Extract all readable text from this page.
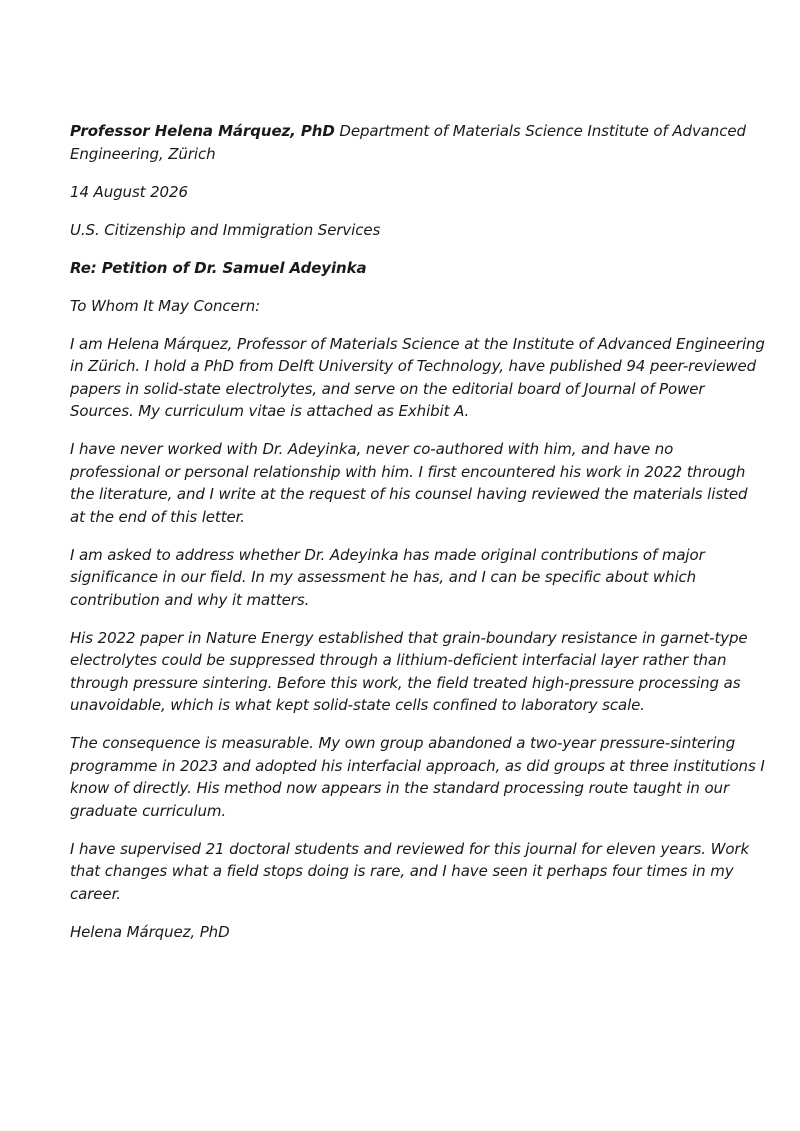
Professor Helena Márquez, PhD Department of Materials Science Institute of Advanced Engineering, Zürich

14 August 2026

U.S. Citizenship and Immigration Services

Re: Petition of Dr. Samuel Adeyinka

To Whom It May Concern:

I am Helena Márquez, Professor of Materials Science at the Institute of Advanced Engineering in Zürich. I hold a PhD from Delft University of Technology, have published 94 peer-reviewed papers in solid-state electrolytes, and serve on the editorial board of Journal of Power Sources. My curriculum vitae is attached as Exhibit A.

I have never worked with Dr. Adeyinka, never co-authored with him, and have no professional or personal relationship with him. I first encountered his work in 2022 through the literature, and I write at the request of his counsel having reviewed the materials listed at the end of this letter.

I am asked to address whether Dr. Adeyinka has made original contributions of major significance in our field. In my assessment he has, and I can be specific about which contribution and why it matters.

His 2022 paper in Nature Energy established that grain-boundary resistance in garnet-type electrolytes could be suppressed through a lithium-deficient interfacial layer rather than through pressure sintering. Before this work, the field treated high-pressure processing as unavoidable, which is what kept solid-state cells confined to laboratory scale.

The consequence is measurable. My own group abandoned a two-year pressure-sintering programme in 2023 and adopted his interfacial approach, as did groups at three institutions I know of directly. His method now appears in the standard processing route taught in our graduate curriculum.

I have supervised 21 doctoral students and reviewed for this journal for eleven years. Work that changes what a field stops doing is rare, and I have seen it perhaps four times in my career.

Helena Márquez, PhD
